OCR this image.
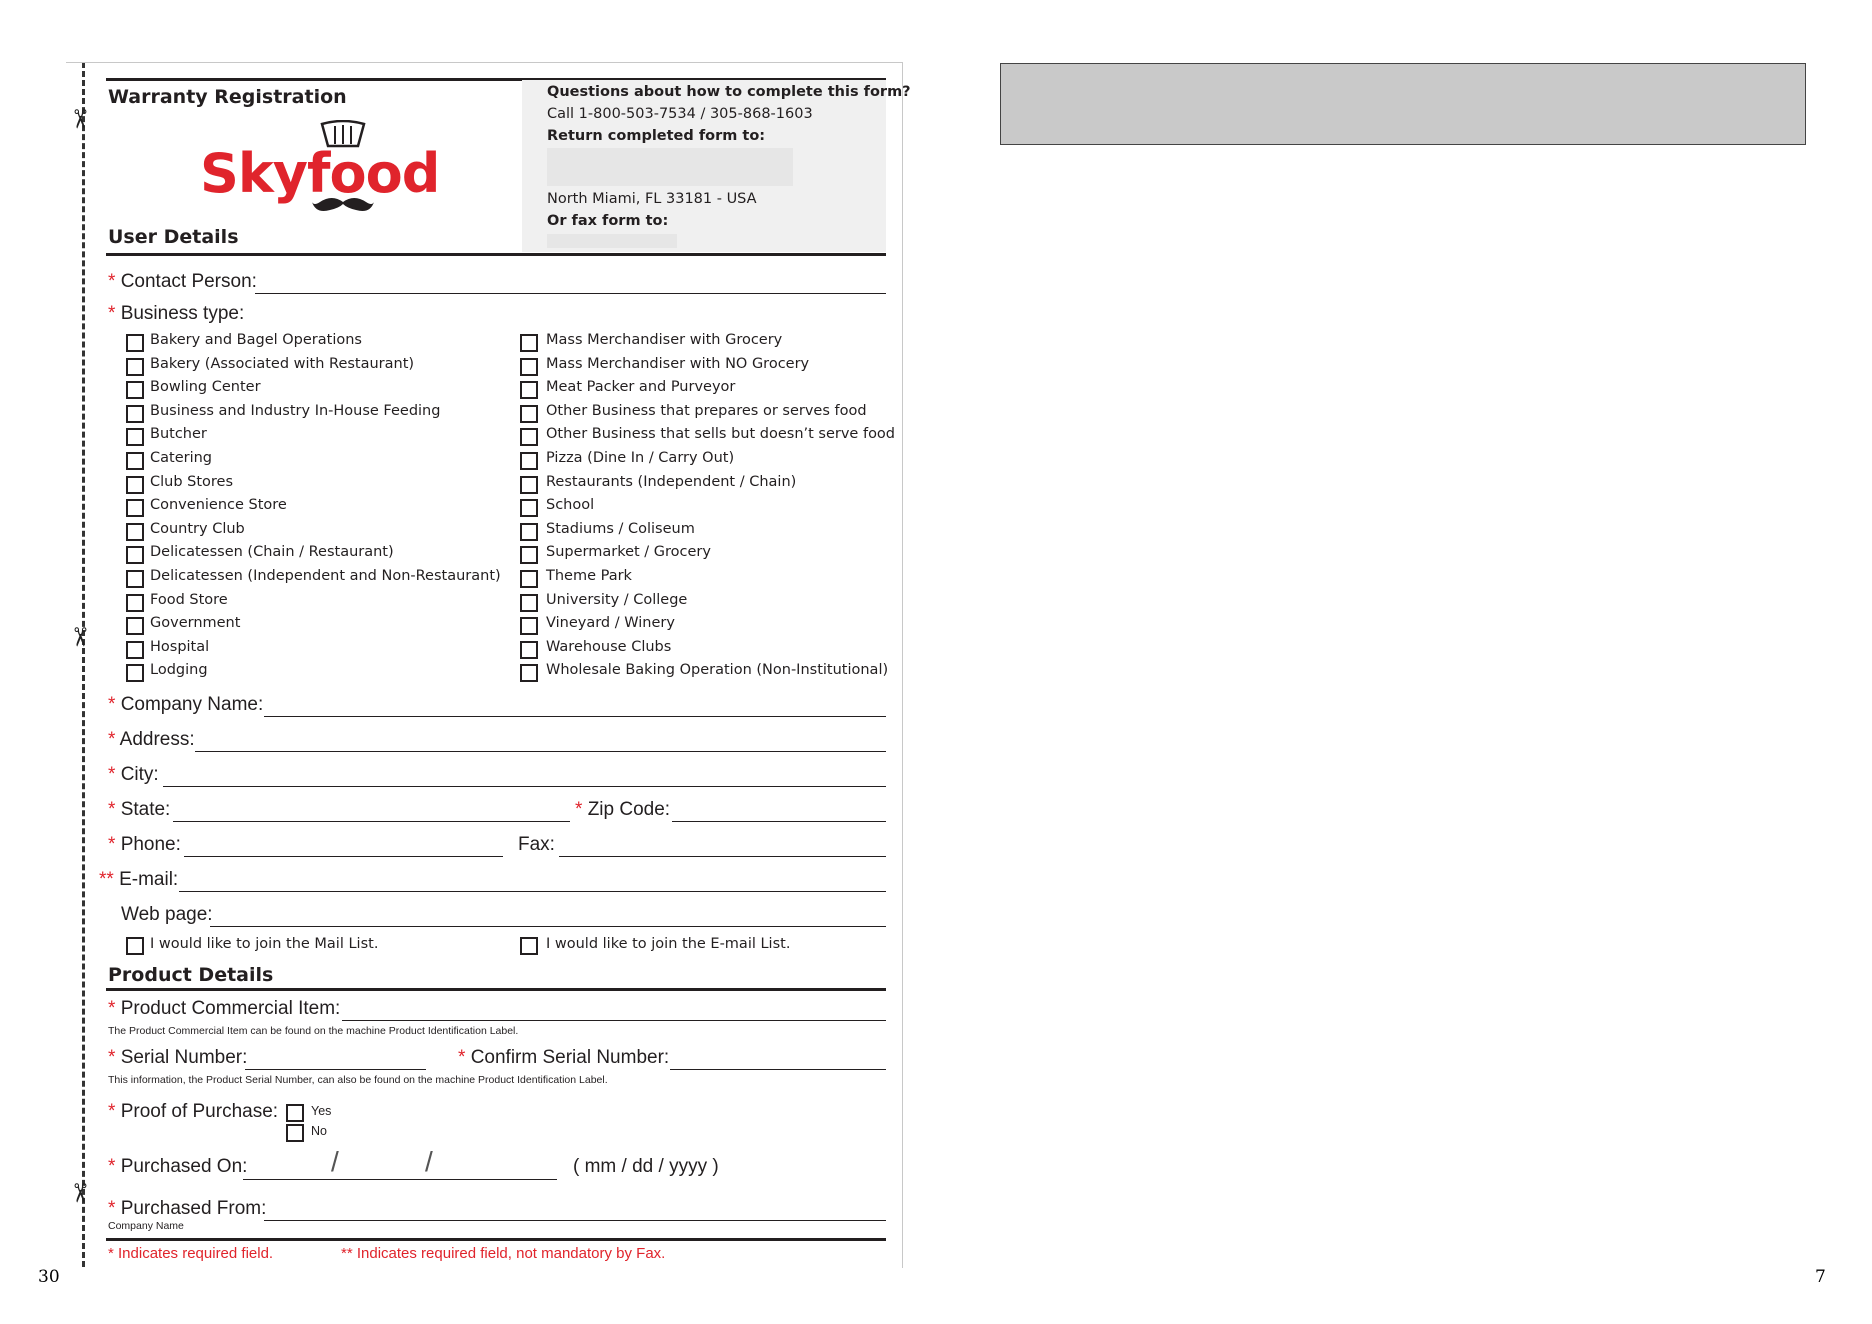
✂
✂
✂
Warranty Registration
Skyfood
Questions about how to complete this form?
Call 1-800-503-7534 / 305-868-1603
Return completed form to:
North Miami, FL 33181 - USA
Or fax form to:
User Details
* Contact Person:
* Business type:
Bakery and Bagel Operations
Bakery (Associated with Restaurant)
Bowling Center
Business and Industry In-House Feeding
Butcher
Catering
Club Stores
Convenience Store
Country Club
Delicatessen (Chain / Restaurant)
Delicatessen (Independent and Non-Restaurant)
Food Store
Government
Hospital
Lodging
Mass Merchandiser with Grocery
Mass Merchandiser with NO Grocery
Meat Packer and Purveyor
Other Business that prepares or serves food
Other Business that sells but doesn’t serve food
Pizza (Dine In / Carry Out)
Restaurants (Independent / Chain)
School
Stadiums / Coliseum
Supermarket / Grocery
Theme Park
University / College
Vineyard / Winery
Warehouse Clubs
Wholesale Baking Operation (Non-Institutional)
* Company Name:
* Address:
* City:
* State:	* Zip Code:
* Phone:	Fax:
** E-mail:
Web page:
I would like to join the Mail List.	I would like to join the E-mail List.
Product Details
* Product Commercial Item:
The Product Commercial Item can be found on the machine Product Identification Label.
* Serial Number:	* Confirm Serial Number:
This information, the Product Serial Number, can also be found on the machine Product Identification Label.
* Proof of Purchase:	Yes
No
* Purchased On:	/	/	( mm / dd / yyyy )
* Purchased From:
Company Name
* Indicates required field.	** Indicates required field, not mandatory by Fax.
30	7
